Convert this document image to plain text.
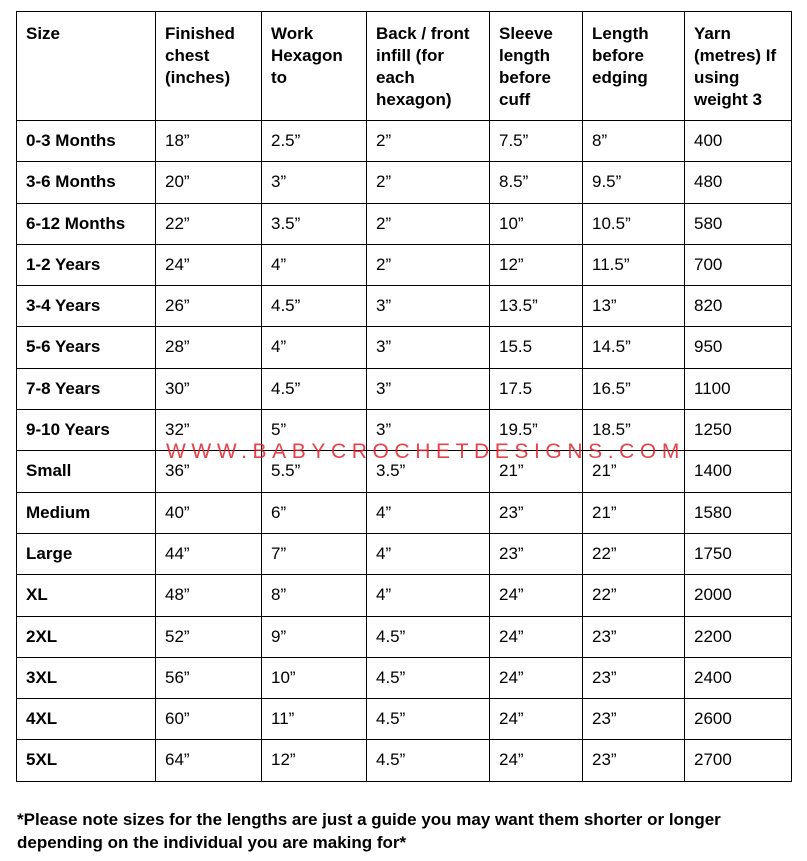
Size	Finished chest (inches)	Work Hexagon to	Back / front infill (for each hexagon)	Sleeve length before cuff	Length before edging	Yarn (metres) If using weight 3
0-3 Months	18”	2.5”	2”	7.5”	8”	400
3-6 Months	20”	3”	2”	8.5”	9.5”	480
6-12 Months	22”	3.5”	2”	10”	10.5”	580
1-2 Years	24”	4”	2”	12”	11.5”	700
3-4 Years	26”	4.5”	3”	13.5”	13”	820
5-6 Years	28”	4”	3”	15.5	14.5”	950
7-8 Years	30”	4.5”	3”	17.5	16.5”	1100
9-10 Years	32”	5”	3”	19.5”	18.5”	1250
Small	36”	5.5”	3.5”	21”	21”	1400
Medium	40”	6”	4”	23”	21”	1580
Large	44”	7”	4”	23”	22”	1750
XL	48”	8”	4”	24”	22”	2000
2XL	52”	9”	4.5”	24”	23”	2200
3XL	56”	10”	4.5”	24”	23”	2400
4XL	60”	11”	4.5”	24”	23”	2600
5XL	64”	12”	4.5”	24”	23”	2700
WWW.BABYCROCHETDESIGNS.COM

*Please note sizes for the lengths are just a guide you may want them shorter or longer depending on the individual you are making for*
